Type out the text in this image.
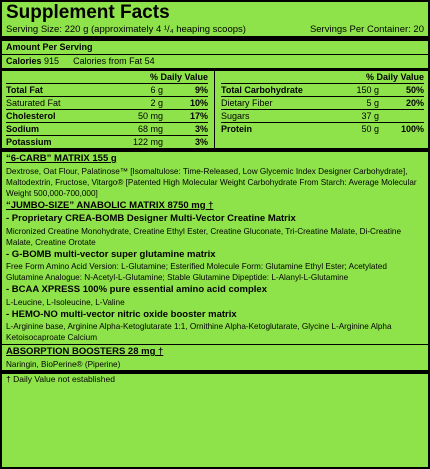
Supplement Facts
Serving Size: 220 g (approximately 4 ¹/₄ heaping scoops)	Servings Per Container: 20
Amount Per Serving
Calories
915 Calories from Fat 54
% Daily Value
Total Fat	6 g	9%
Saturated Fat	2 g	10%
Cholesterol	50 mg	17%
Sodium	68 mg	3%
Potassium	122 mg	3%
% Daily Value
Total Carbohydrate	150 g	50%
Dietary Fiber	5 g	20%
Sugars	37 g
Protein	50 g	100%
“6-CARB” MATRIX 155 g
Dextrose, Oat Flour, Palatinose™ [Isomaltulose: Time-Released, Low Glycemic Index Designer Carbohydrate], Maltodextrin, Fructose, Vitargo® [Patented High Molecular Weight Carbohydrate From Starch: Average Molecular Weight 500,000-700,000]
“JUMBO-SIZE” ANABOLIC MATRIX 8750 mg †
- Proprietary CREA-BOMB Designer Multi-Vector Creatine Matrix
Micronized Creatine Monohydrate, Creatine Ethyl Ester, Creatine Gluconate, Tri-Creatine Malate, Di-Creatine Malate, Creatine Orotate
- G-BOMB multi-vector super glutamine matrix
Free Form Amino Acid Version: L-Glutamine; Esterified Molecule Form: Glutamine Ethyl Ester; Acetylated Glutamine Analogue: N-Acetyl-L-Glutamine; Stable Glutamine Dipeptide: L-Alanyl-L-Glutamine
- BCAA XPRESS 100% pure essential amino acid complex
L-Leucine, L-Isoleucine, L-Valine
- HEMO-NO multi-vector nitric oxide booster matrix
L-Arginine base, Arginine Alpha-Ketoglutarate 1:1, Ornithine Alpha-Ketoglutarate, Glycine L-Arginine Alpha Ketoisocaproate Calcium
ABSORPTION BOOSTERS 28 mg †
Naringin, BioPerine® (Piperine)
† Daily Value not established
